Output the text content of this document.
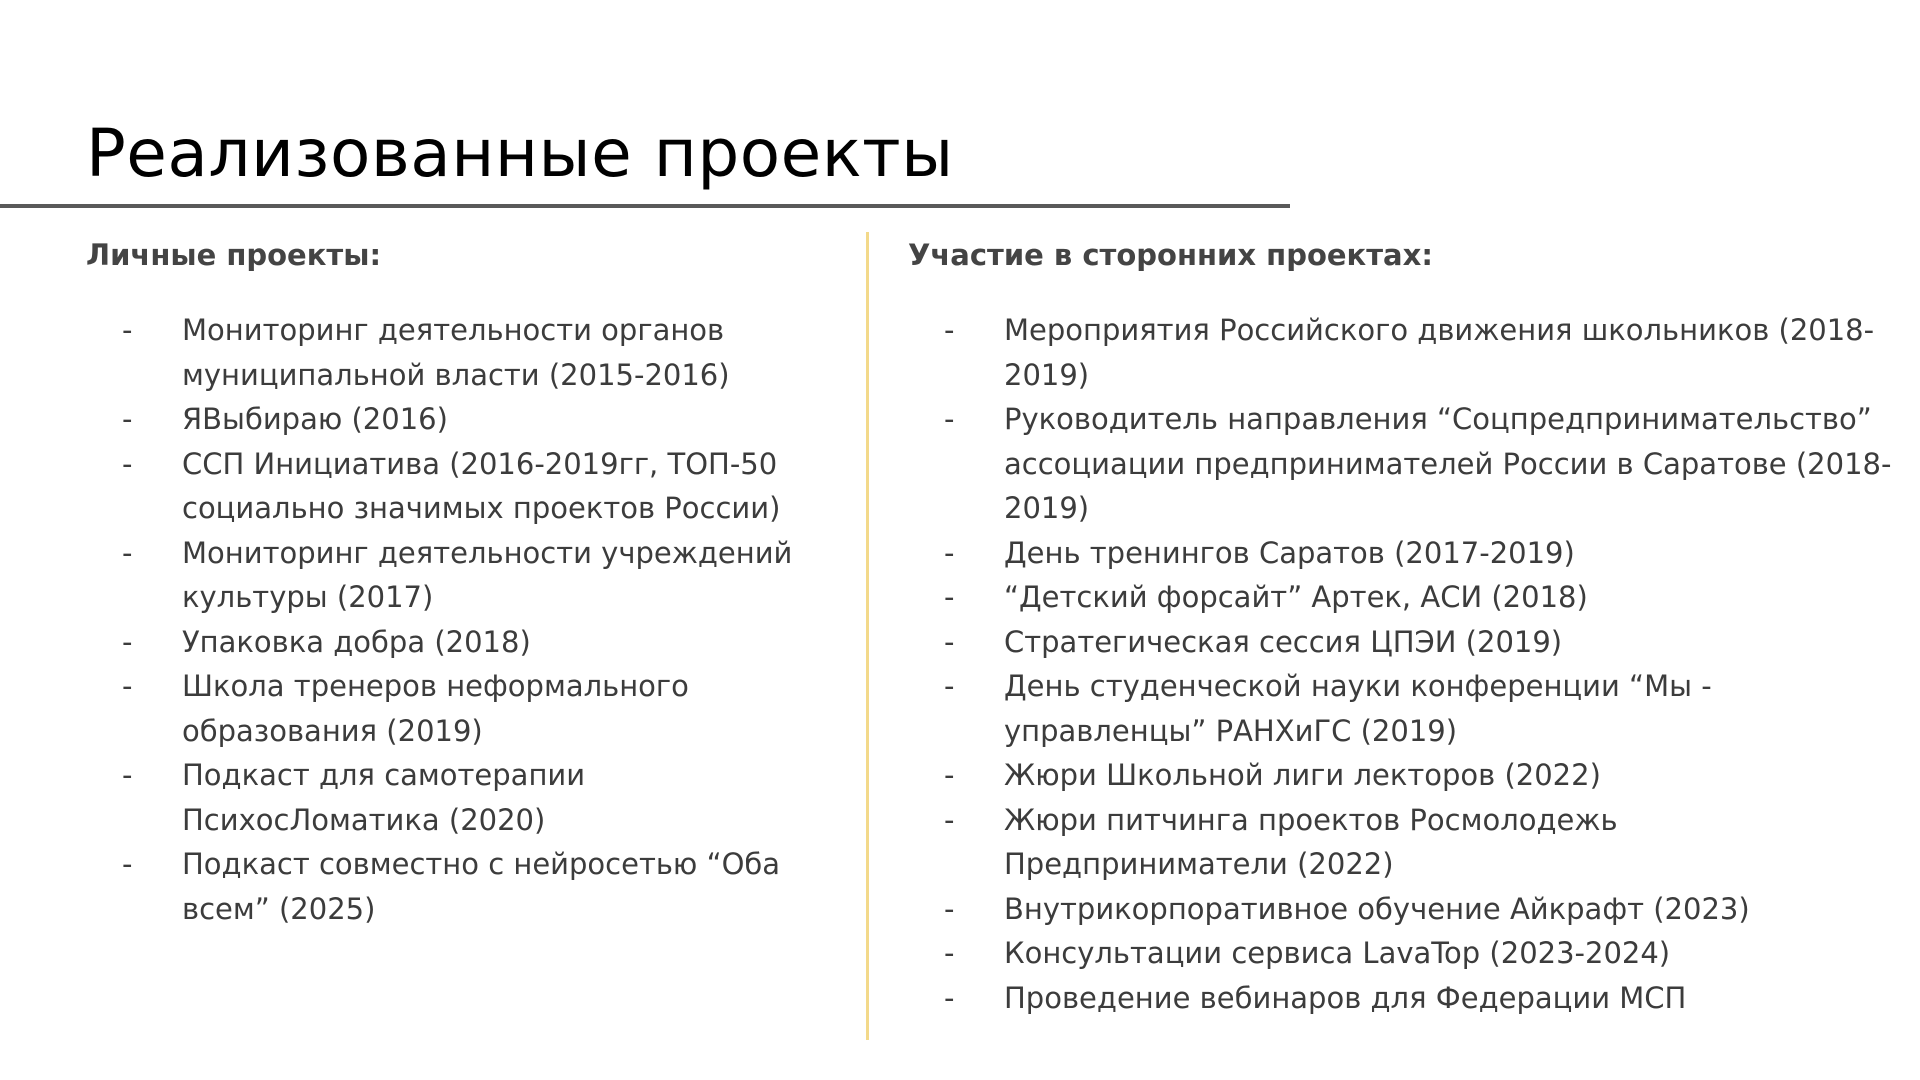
Реализованные проекты
Личные проекты:
- Мониторинг деятельности органов муниципальной власти (2015-2016)
- ЯВыбираю (2016)
- ССП Инициатива (2016-2019гг, ТОП-50 социально значимых проектов России)
- Мониторинг деятельности учреждений культуры (2017)
- Упаковка добра (2018)
- Школа тренеров неформального образования (2019)
- Подкаст для самотерапии ПсихосЛоматика (2020)
- Подкаст совместно с нейросетью “Оба всем” (2025)
Участие в сторонних проектах:
- Мероприятия Российского движения школьников (2018-2019)
- Руководитель направления “Соцпредпринимательство” ассоциации предпринимателей России в Саратове (2018-2019)
- День тренингов Саратов (2017-2019)
- “Детский форсайт” Артек, АСИ (2018)
- Стратегическая сессия ЦПЭИ (2019)
- День студенческой науки конференции “Мы - управленцы” РАНХиГС (2019)
- Жюри Школьной лиги лекторов (2022)
- Жюри питчинга проектов Росмолодежь Предприниматели (2022)
- Внутрикорпоративное обучение Айкрафт (2023)
- Консультации сервиса LavaTop (2023-2024)
- Проведение вебинаров для Федерации МСП
